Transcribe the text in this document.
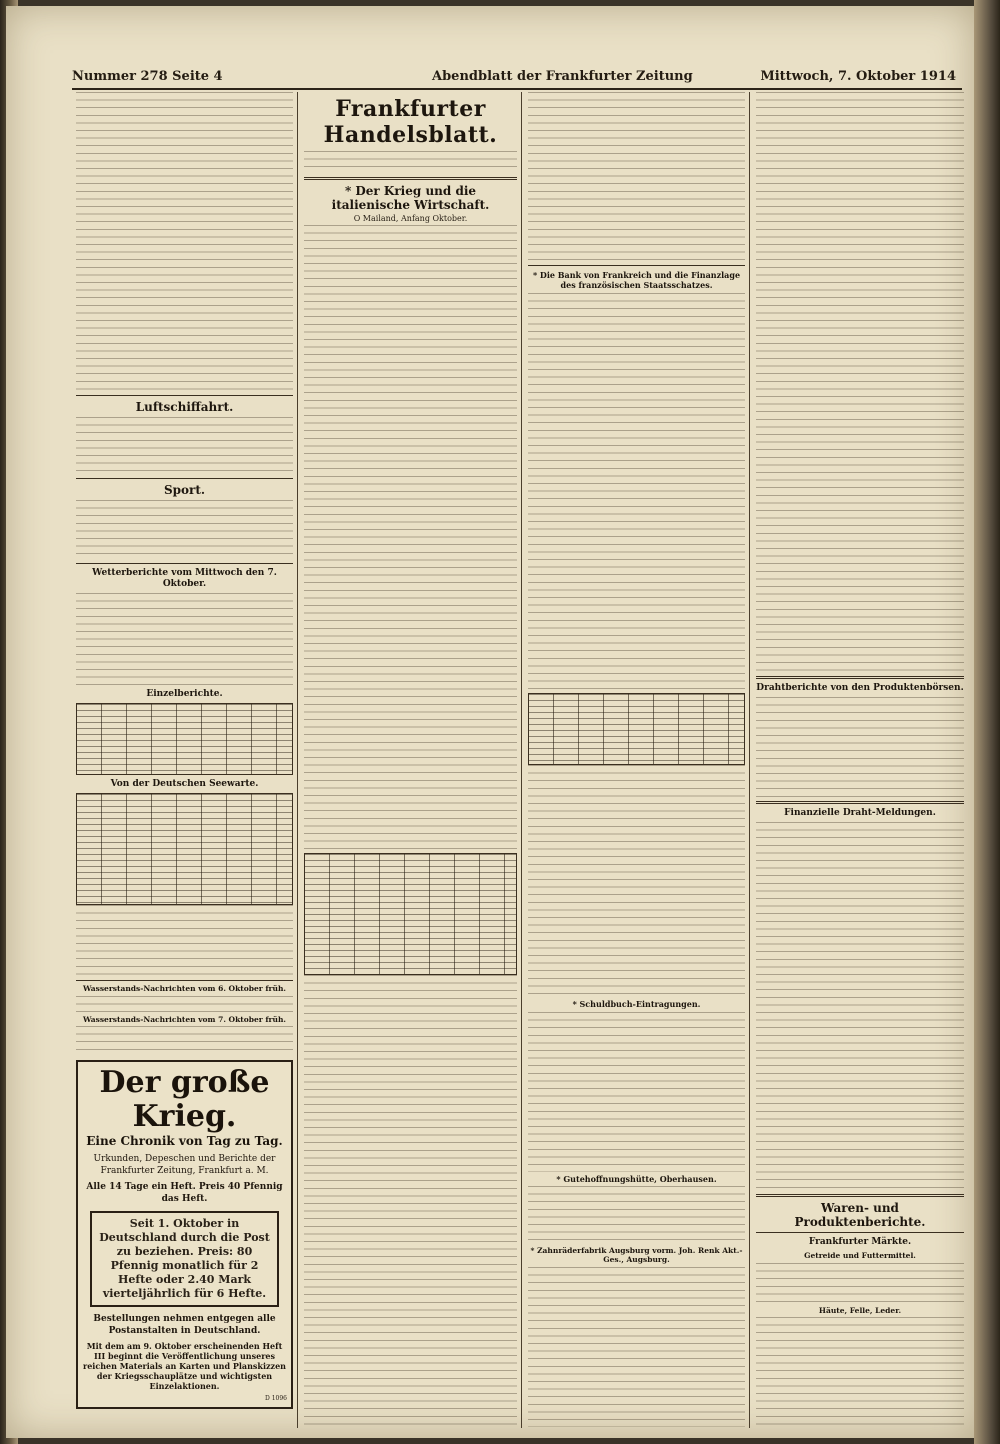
Nummer 278 Seite 4	Abendblatt der Frankfurter Zeitung	Mittwoch, 7. Oktober 1914
Luftschiffahrt.
Sport.
Wetterberichte vom Mittwoch den 7. Oktober.
Einzelberichte.
Von der Deutschen Seewarte.
Wasserstands-Nachrichten vom 6. Oktober früh.
Wasserstands-Nachrichten vom 7. Oktober früh.
Der große Krieg.
Eine Chronik von Tag zu Tag.
Urkunden, Depeschen und Berichte der Frankfurter Zeitung, Frankfurt a. M.
Alle 14 Tage ein Heft. Preis 40 Pfennig das Heft.
Seit 1. Oktober in Deutschland durch die Post zu beziehen. Preis: 80 Pfennig monatlich für 2 Hefte oder 2.40 Mark vierteljährlich für 6 Hefte.
Bestellungen nehmen entgegen alle Postanstalten in Deutschland.
Mit dem am 9. Oktober erscheinenden Heft III beginnt die Veröffentlichung unseres reichen Materials an Karten und Planskizzen der Kriegsschauplätze und wichtigsten Einzelaktionen.
D 1096
Frankfurter Handelsblatt.
* Der Krieg und die italienische Wirtschaft.
O Mailand, Anfang Oktober.
* Die Bank von Frankreich und die Finanzlage des französischen Staatsschatzes.
* Schuldbuch-Eintragungen.
* Gutehoffnungshütte, Oberhausen.
* Zahnräderfabrik Augsburg vorm. Joh. Renk Akt.-Ges., Augsburg.
Drahtberichte von den Produktenbörsen.
Finanzielle Draht-Meldungen.
Waren- und Produktenberichte.
Frankfurter Märkte.
Getreide und Futtermittel.
Häute, Felle, Leder.
